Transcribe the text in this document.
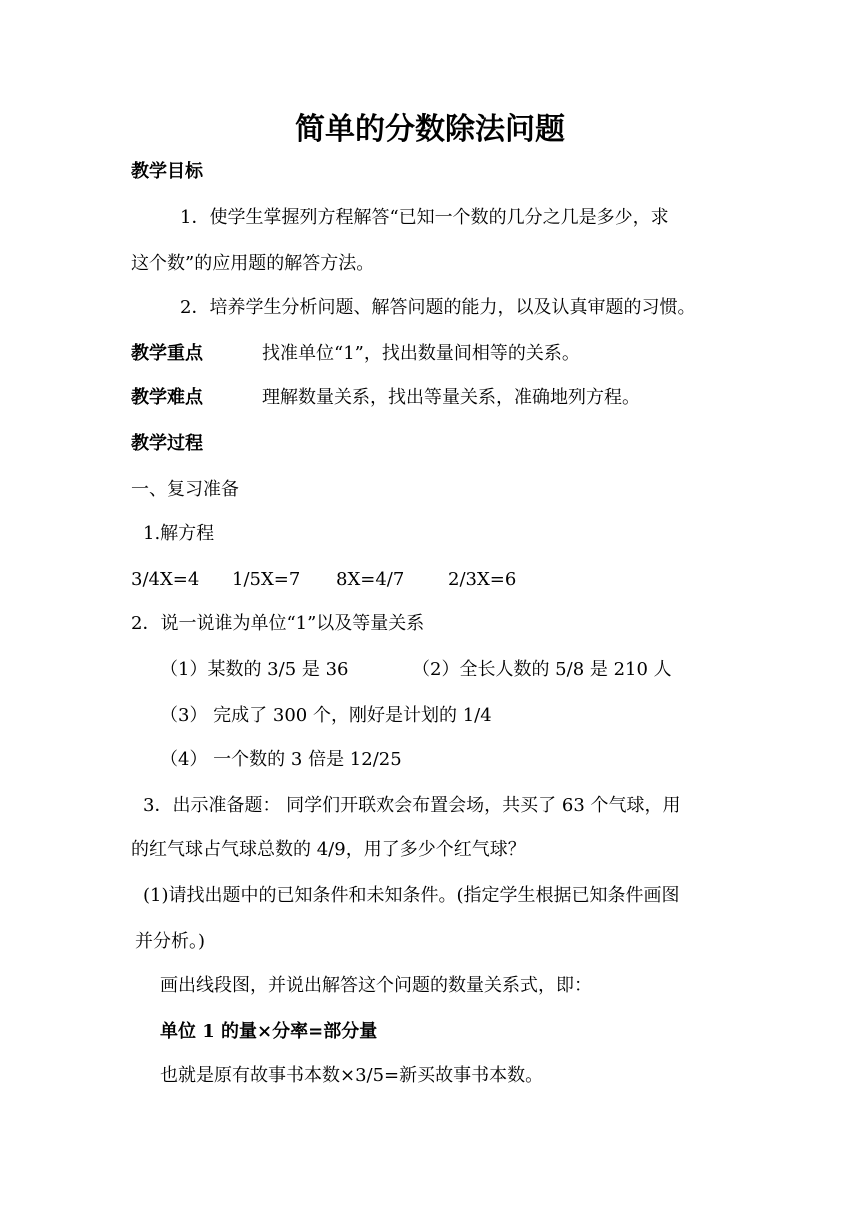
简单的分数除法问题
教学目标
1．使学生掌握列方程解答“已知一个数的几分之几是多少，求
这个数”的应用题的解答方法。
2．培养学生分析问题、解答问题的能力，以及认真审题的习惯。
教学重点	找准单位“1”，找出数量间相等的关系。
教学难点	理解数量关系，找出等量关系，准确地列方程。
教学过程
一、复习准备
1.解方程
3/4X=4 1/5X=7 8X=4/7 2/3X=6
2．说一说谁为单位“1”以及等量关系
（1）某数的 3/5 是 36	（2）全长人数的 5/8 是 210 人
（3） 完成了 300 个，刚好是计划的 1/4
（4） 一个数的 3 倍是 12/25
3．出示准备题： 同学们开联欢会布置会场，共买了 63 个气球，用
的红气球占气球总数的 4/9，用了多少个红气球？
(1)请找出题中的已知条件和未知条件。(指定学生根据已知条件画图
并分析。)
画出线段图，并说出解答这个问题的数量关系式，即：
单位 1 的量×分率=部分量
也就是原有故事书本数×3/5=新买故事书本数。
